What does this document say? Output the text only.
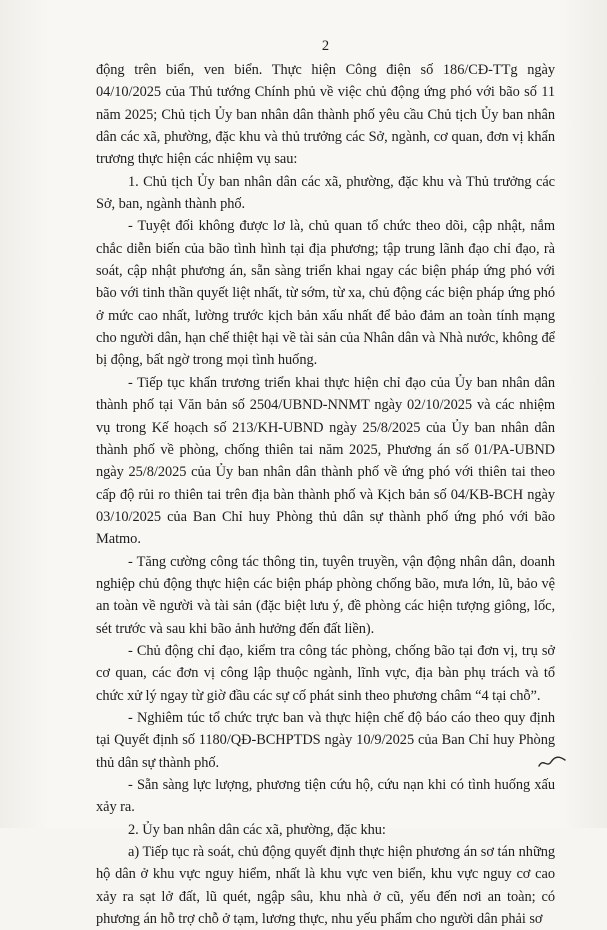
2

động trên biển, ven biển. Thực hiện Công điện số 186/CĐ-TTg ngày 04/10/2025 của Thủ tướng Chính phủ về việc chủ động ứng phó với bão số 11 năm 2025; Chủ tịch Ủy ban nhân dân thành phố yêu cầu Chủ tịch Ủy ban nhân dân các xã, phường, đặc khu và thủ trưởng các Sở, ngành, cơ quan, đơn vị khẩn trương thực hiện các nhiệm vụ sau:

1. Chủ tịch Ủy ban nhân dân các xã, phường, đặc khu và Thủ trưởng các Sở, ban, ngành thành phố.

- Tuyệt đối không được lơ là, chủ quan tổ chức theo dõi, cập nhật, nắm chắc diễn biến của bão tình hình tại địa phương; tập trung lãnh đạo chỉ đạo, rà soát, cập nhật phương án, sẵn sàng triển khai ngay các biện pháp ứng phó với bão với tinh thần quyết liệt nhất, từ sớm, từ xa, chủ động các biện pháp ứng phó ở mức cao nhất, lường trước kịch bản xấu nhất để bảo đảm an toàn tính mạng cho người dân, hạn chế thiệt hại về tài sản của Nhân dân và Nhà nước, không để bị động, bất ngờ trong mọi tình huống.

- Tiếp tục khẩn trương triển khai thực hiện chỉ đạo của Ủy ban nhân dân thành phố tại Văn bản số 2504/UBND-NNMT ngày 02/10/2025 và các nhiệm vụ trong Kế hoạch số 213/KH-UBND ngày 25/8/2025 của Ủy ban nhân dân thành phố về phòng, chống thiên tai năm 2025, Phương án số 01/PA-UBND ngày 25/8/2025 của Ủy ban nhân dân thành phố về ứng phó với thiên tai theo cấp độ rủi ro thiên tai trên địa bàn thành phố và Kịch bản số 04/KB-BCH ngày 03/10/2025 của Ban Chỉ huy Phòng thủ dân sự thành phố ứng phó với bão Matmo.

- Tăng cường công tác thông tin, tuyên truyền, vận động nhân dân, doanh nghiệp chủ động thực hiện các biện pháp phòng chống bão, mưa lớn, lũ, bảo vệ an toàn về người và tài sản (đặc biệt lưu ý, đề phòng các hiện tượng giông, lốc, sét trước và sau khi bão ảnh hưởng đến đất liền).

- Chủ động chỉ đạo, kiểm tra công tác phòng, chống bão tại đơn vị, trụ sở cơ quan, các đơn vị công lập thuộc ngành, lĩnh vực, địa bàn phụ trách và tổ chức xử lý ngay từ giờ đầu các sự cố phát sinh theo phương châm “4 tại chỗ”.

- Nghiêm túc tổ chức trực ban và thực hiện chế độ báo cáo theo quy định tại Quyết định số 1180/QĐ-BCHPTDS ngày 10/9/2025 của Ban Chỉ huy Phòng thủ dân sự thành phố.

- Sẵn sàng lực lượng, phương tiện cứu hộ, cứu nạn khi có tình huống xấu xảy ra.

2. Ủy ban nhân dân các xã, phường, đặc khu:

a) Tiếp tục rà soát, chủ động quyết định thực hiện phương án sơ tán những hộ dân ở khu vực nguy hiểm, nhất là khu vực ven biển, khu vực nguy cơ cao xảy ra sạt lở đất, lũ quét, ngập sâu, khu nhà ở cũ, yếu đến nơi an toàn; có phương án hỗ trợ chỗ ở tạm, lương thực, nhu yếu phẩm cho người dân phải sơ
